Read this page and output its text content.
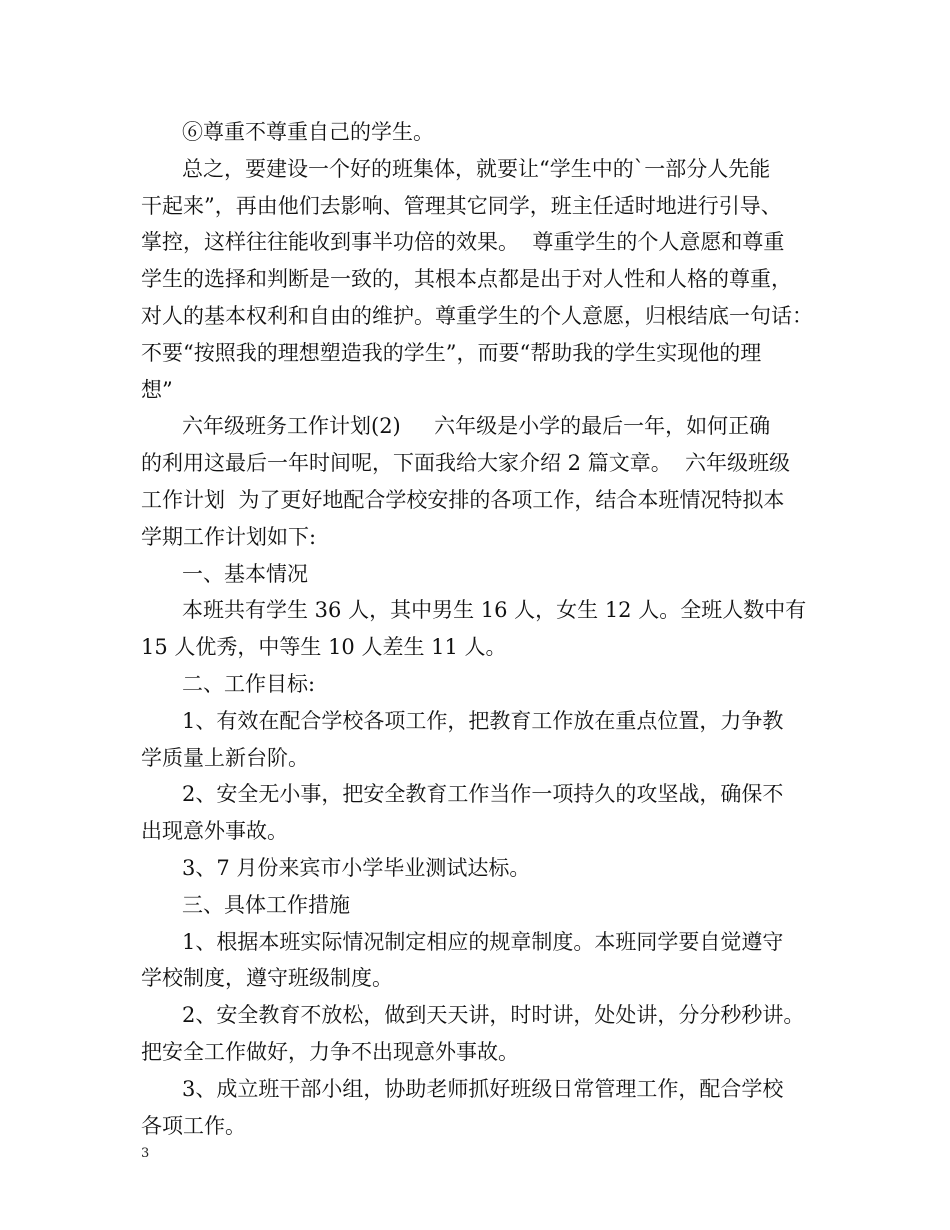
⑥尊重不尊重自己的学生。
总之，要建设一个好的班集体，就要让“学生中的`一部分人先能
干起来”，再由他们去影响、管理其它同学，班主任适时地进行引导、
掌控，这样往往能收到事半功倍的效果。  尊重学生的个人意愿和尊重
学生的选择和判断是一致的，其根本点都是出于对人性和人格的尊重，
对人的基本权利和自由的维护。尊重学生的个人意愿，归根结底一句话：
不要“按照我的理想塑造我的学生”，而要“帮助我的学生实现他的理
想”
六年级班务工作计划(2)     六年级是小学的最后一年，如何正确
的利用这最后一年时间呢，下面我给大家介绍 2 篇文章。  六年级班级
工作计划  为了更好地配合学校安排的各项工作，结合本班情况特拟本
学期工作计划如下:
一、基本情况
本班共有学生 36 人，其中男生 16 人，女生 12 人。全班人数中有
15 人优秀，中等生 10 人差生 11 人。
二、工作目标:
1、有效在配合学校各项工作，把教育工作放在重点位置，力争教
学质量上新台阶。
2、安全无小事，把安全教育工作当作一项持久的攻坚战，确保不
出现意外事故。
3、7 月份来宾市小学毕业测试达标。
三、具体工作措施
1、根据本班实际情况制定相应的规章制度。本班同学要自觉遵守
学校制度，遵守班级制度。
2、安全教育不放松，做到天天讲，时时讲，处处讲，分分秒秒讲。
把安全工作做好，力争不出现意外事故。
3、成立班干部小组，协助老师抓好班级日常管理工作，配合学校
各项工作。
3
